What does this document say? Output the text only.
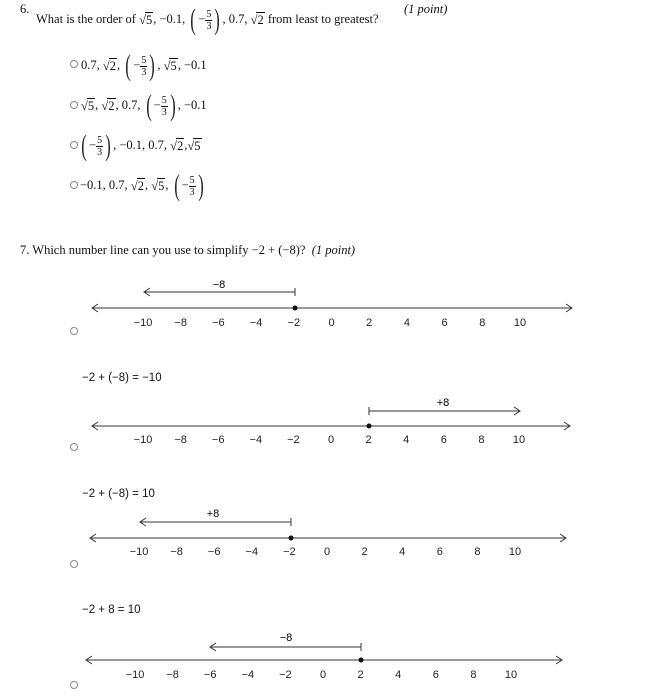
6.
What is the order of √5, −0.1, ( − $\frac{5}{3}$ ) , 0.7, √2 from least to greatest?
(1 point)
0.7, √2, ( − $\frac{5}{3}$ ) , √5, −0.1
√5, √2, 0.7, ( − $\frac{5}{3}$ ) , −0.1
( − $\frac{5}{3}$ ) , −0.1, 0.7, √2,√5
−0.1, 0.7, √2, √5, ( − $\frac{5}{3}$ )
7. Which number line can you use to simplify −2 + (−8)? (1 point)
−8
−10 −8 −6 −4 −2	0	2	4	6	8	10
−2 + (−8) = −10
+8
−10 −8 −6 −4 −2	0	2	4	6	8	10
−2 + (−8) = 10
+8
−10 −8 −6 −4 −2	0	2	4	6	8	10
−2 + 8 = 10
−8
−10 −8 −6 −4 −2	0	2	4	6	8	10
